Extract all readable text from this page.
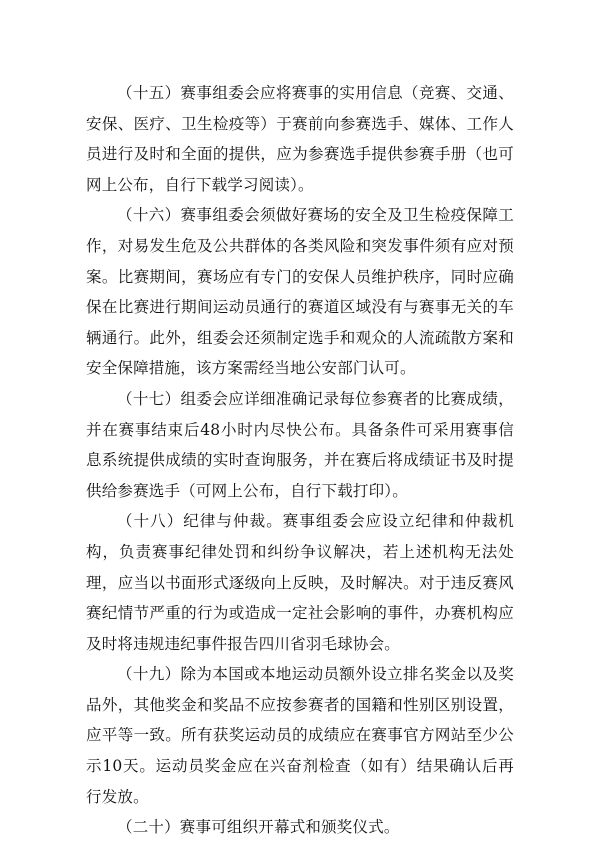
（十五）赛事组委会应将赛事的实用信息（竞赛、交通、安保、医疗、卫生检疫等）于赛前向参赛选手、媒体、工作人员进行及时和全面的提供，应为参赛选手提供参赛手册（也可网上公布，自行下载学习阅读）。

（十六）赛事组委会须做好赛场的安全及卫生检疫保障工作，对易发生危及公共群体的各类风险和突发事件须有应对预案。比赛期间，赛场应有专门的安保人员维护秩序，同时应确保在比赛进行期间运动员通行的赛道区域没有与赛事无关的车辆通行。此外，组委会还须制定选手和观众的人流疏散方案和安全保障措施，该方案需经当地公安部门认可。

（十七）组委会应详细准确记录每位参赛者的比赛成绩，并在赛事结束后48小时内尽快公布。具备条件可采用赛事信息系统提供成绩的实时查询服务，并在赛后将成绩证书及时提供给参赛选手（可网上公布，自行下载打印）。

（十八）纪律与仲裁。赛事组委会应设立纪律和仲裁机构，负责赛事纪律处罚和纠纷争议解决，若上述机构无法处理，应当以书面形式逐级向上反映，及时解决。对于违反赛风赛纪情节严重的行为或造成一定社会影响的事件，办赛机构应及时将违规违纪事件报告四川省羽毛球协会。

（十九）除为本国或本地运动员额外设立排名奖金以及奖品外，其他奖金和奖品不应按参赛者的国籍和性别区别设置，应平等一致。所有获奖运动员的成绩应在赛事官方网站至少公示10天。运动员奖金应在兴奋剂检查（如有）结果确认后再行发放。

（二十）赛事可组织开幕式和颁奖仪式。
